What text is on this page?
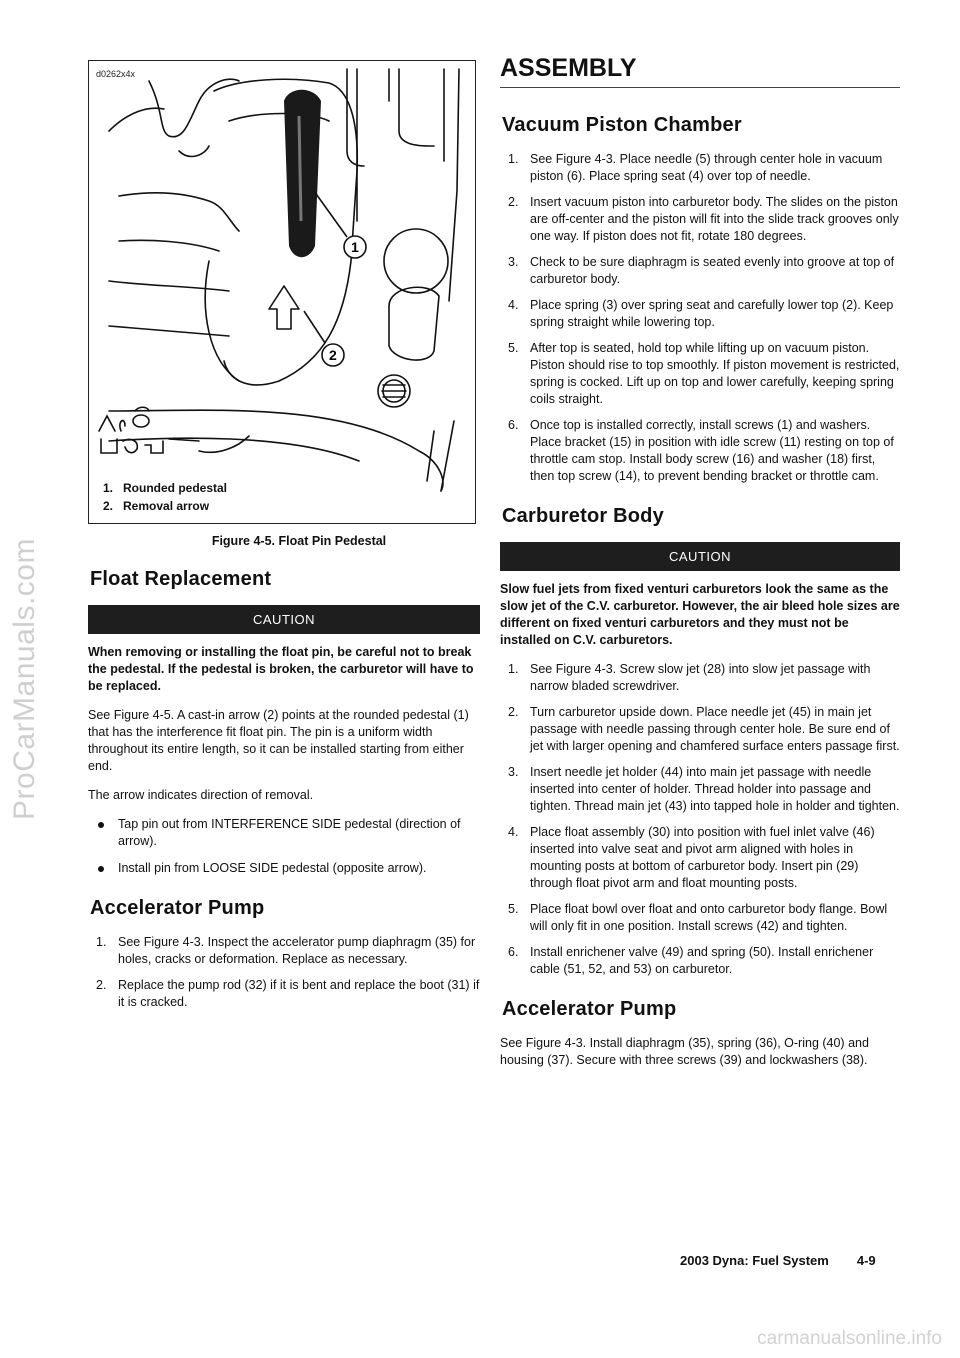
ProCarManuals.com
1
2
d0262x4x
1. Rounded pedestal
2. Removal arrow
Figure 4-5. Float Pin Pedestal
Float Replacement
CAUTION

When removing or installing the float pin, be careful not to break the pedestal. If the pedestal is broken, the carburetor will have to be replaced.

See Figure 4-5. A cast-in arrow (2) points at the rounded pedestal (1) that has the interference fit float pin. The pin is a uniform width throughout its entire length, so it can be installed starting from either end.

The arrow indicates direction of removal.

Tap pin out from INTERFERENCE SIDE pedestal (direction of arrow).
Install pin from LOOSE SIDE pedestal (opposite arrow).
Accelerator Pump
1. See Figure 4-3. Inspect the accelerator pump diaphragm (35) for holes, cracks or deformation. Replace as necessary.
2. Replace the pump rod (32) if it is bent and replace the boot (31) if it is cracked.
ASSEMBLY
Vacuum Piston Chamber
1. See Figure 4-3. Place needle (5) through center hole in vacuum piston (6). Place spring seat (4) over top of needle.
2. Insert vacuum piston into carburetor body. The slides on the piston are off-center and the piston will fit into the slide track grooves only one way. If piston does not fit, rotate 180 degrees.
3. Check to be sure diaphragm is seated evenly into groove at top of carburetor body.
4. Place spring (3) over spring seat and carefully lower top (2). Keep spring straight while lowering top.
5. After top is seated, hold top while lifting up on vacuum piston. Piston should rise to top smoothly. If piston movement is restricted, spring is cocked. Lift up on top and lower carefully, keeping spring coils straight.
6. Once top is installed correctly, install screws (1) and washers. Place bracket (15) in position with idle screw (11) resting on top of throttle cam stop. Install body screw (16) and washer (18) first, then top screw (14), to prevent bending bracket or throttle cam.
Carburetor Body
CAUTION

Slow fuel jets from fixed venturi carburetors look the same as the slow jet of the C.V. carburetor. However, the air bleed hole sizes are different on fixed venturi carburetors and they must not be installed on C.V. carburetors.

1. See Figure 4-3. Screw slow jet (28) into slow jet passage with narrow bladed screwdriver.
2. Turn carburetor upside down. Place needle jet (45) in main jet passage with needle passing through center hole. Be sure end of jet with larger opening and chamfered surface enters passage first.
3. Insert needle jet holder (44) into main jet passage with needle inserted into center of holder. Thread holder into passage and tighten. Thread main jet (43) into tapped hole in holder and tighten.
4. Place float assembly (30) into position with fuel inlet valve (46) inserted into valve seat and pivot arm aligned with holes in mounting posts at bottom of carburetor body. Insert pin (29) through float pivot arm and float mounting posts.
5. Place float bowl over float and onto carburetor body flange. Bowl will only fit in one position. Install screws (42) and tighten.
6. Install enrichener valve (49) and spring (50). Install enrichener cable (51, 52, and 53) on carburetor.
Accelerator Pump

See Figure 4-3. Install diaphragm (35), spring (36), O-ring (40) and housing (37). Secure with three screws (39) and lockwashers (38).

2003 Dyna: Fuel System 4-9
carmanualsonline.info
